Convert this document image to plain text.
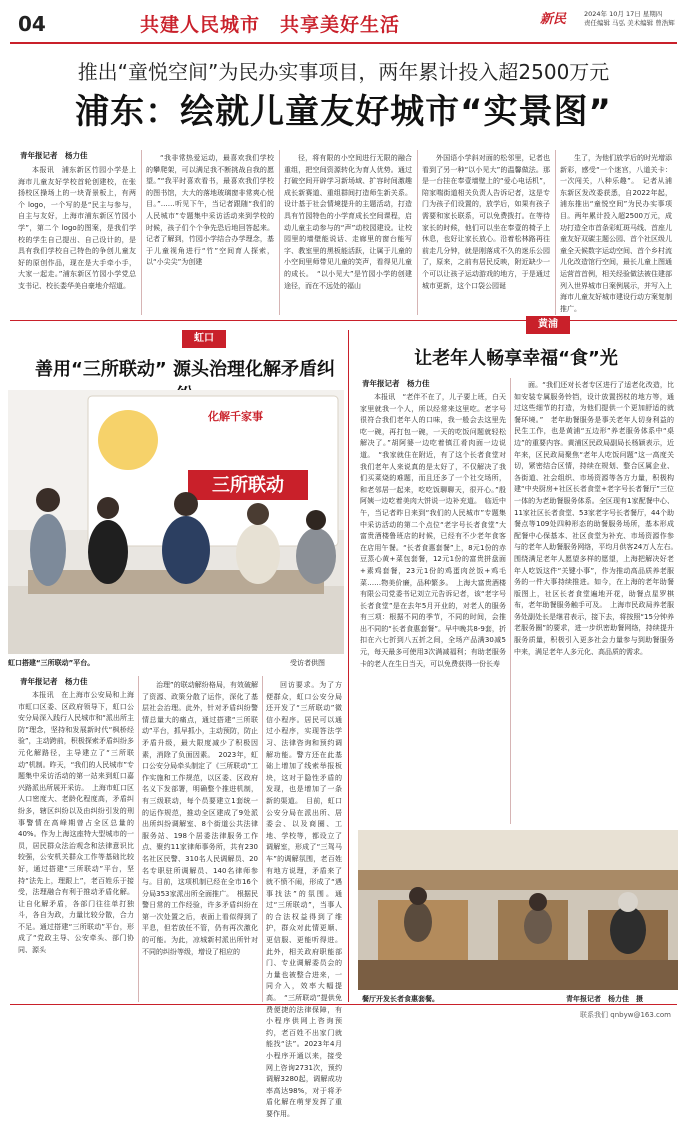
04	共建人民城市　共享美好生活	新民	2024年 10月 17日 星期四
责任编辑 马弘 美术编辑 曾浩辉
推出“童悦空间”为民办实事项目，两年累计投入超2500万元
浦东：绘就儿童友好城市“实景图”
青年报记者　杨力佳

本报讯　浦东新区竹园小学是上海市儿童友好学校首轮创建校，在张扬校区操场上的一块背景板上，有两个 logo，一个写的是“民主与参与，自主与友好，上海市浦东新区竹园小学”，第二个 logo的图案，是我们学校的学生自己提出、自己设计的，是具有我们学校自己特色的争创儿童友好的原创作品，现在是大手牵小手，大家一起走。”浦东新区竹园小学党总支书记、校长娄华美自豪地介绍道。

“我非常热爱运动，最喜欢我们学校的攀爬架，可以满足我不断挑战自我的愿望。”“我平时喜欢看书，最喜欢我们学校的图书馆，大大的落地玻璃窗非常爽心悦目。”……听见下午，当记者跟随“我们的人民城市”专题集中采访活动来到学校的时候，孩子们个个争先恐后地回答起来。记者了解到，竹园小学结合办学理念，基于儿童视角进行“竹”空间育人探索，以“小尖尖”为创建

径，将有限的小空间进行无限的融合重组，把空间资源转化为育人优势。通过打破空间开辟学习新场域、扩容时间激趣成长新赛道、重组群间打造师生新关系。设计基于社会情境提升的主题活动，打造具有竹园特色的小学育成长空间课程，启动儿童主动参与的“声”动校园建设。让校园里的墙壁能说话、走廊里的窗台能写字、教室里的黑板能活跃，让属于儿童的小空间里师带见儿童的笑声，看得见儿童的成长。　“以小见大”是竹园小学的创建途径，而在不远处的福山

外国语小学斜对面的松邻里，记者也看到了另一种“以小见大”的温馨做法。那是一台挂在奉壹墙壁上的“爱心电话机”，陪家喘街道相关负责人告诉记者，这是专门为孩子们设置的，放学后，如果有孩子需要和家长联系，可以免费拨打。在等待家长的时候，他们可以坐在奉壹的椅子上休息，也好让家长放心。沿着松林路再往前走几分钟，就是刚落成不久的迷乐公园了，原来，之前有居民反映，附近缺少一个可以让孩子运动游戏的地方，于是通过城市更新，这个口袋公园诞

生了，为他们放学后的时光增添新彩，感受“一个迷宫，八道关卡：一次闯关，八种乐趣”。　记者从浦东新区发改委获悉，自2022年起，浦东推出“童悦空间”为民办实事项目。两年累计投入超2500万元，成功打造全市首条彩虹斑马线、首座儿童友好双碳主题公园、首个社区级儿童全天候数字运动空间、首个乡村流儿化改造馆行空间，最长儿童上图通运营首首例，相关经验做法被住建部列入世界城市日案例展示，并写入上海市儿童友好城市建设行动方案复制推广。

虹口
善用“三所联动” 源头治理化解矛盾纠
三所联动
化解千家事
虹口搭建“三所联动”平台。	受访者供图
青年报记者　杨力佳

本报讯　在上海市公安局和上海市虹口区委、区政府领导下，虹口公安分局深入践行人民城市和“派出所主防”理念，坚持和发展新时代“枫桥经验”，主动跨前，积极探索矛盾纠纷多元化解路径，主导建立了“三所联动”机制。昨天，“我们的人民城市”专题集中采访活动的第一站来到虹口嘉兴路派出所展开采访。　上海市虹口区人口密度大、老龄化程度高，矛盾纠纷多，辖区纠纷以及由纠纷引发的刑事警情在高峰期曾占全区总量的40%。作为上海这座特大型城市的一员，居民群众法治观念和法律意识比较强，公安机关群众工作等基础比较好，通过搭建“三所联动”平台，坚持“法先上，理跟上”，老百姓乐于接受，法理融合有利于推动矛盾化解。让自化解矛盾，各部门往往单打独斗，各自为政，力量比较分散，合力不足。通过搭建“三所联动”平台，形成了“党政主导、公安牵头、部门协同、源头

治理”的联动解纷格局，有效破解了资源、政策分散了运作，深化了基层社会治理。此外，针对矛盾纠纷警情总量大的痛点，通过搭建“三所联动”平台，抓早抓小，主动预防，防止矛盾升级，最大限度减少了积极因素，消除了负面因素。　2023年，虹口公安分局牵头制定了《三所联动”工作实施和工作规范，以区委、区政府名义下发部署，明确整个推进机制，有三级联动，每个员要建立1套统一的运作规范，推动全区建成了9处派出所纠纷调解室、8个街道公共法律服务站、198个居委法律服务工作点、聚约11家律师事务所，共有230名社区民警、310名人民调解员、20名专职驻所调解员、140名律师参与。目前，这项机制已经在全市16个分局353家派出所全面推广。　根据民警日常的工作经验，许多矛盾纠纷在第一次处置之后，表面上看似得到了平息，但若放任不管，仍有再次激化的可能。为此，凉城新村派出所针对不同的纠纷等级，增设了相应的

回访要求。为了方便群众，虹口公安分局还开发了“三所联动”微信小程序。居民可以通过小程序，实现答法学习、法律咨询和预约调解功能。警方还在此基础上增加了线索举报板块，这对于隐性矛盾的发现，也是增加了一条新的渠道。　目前，虹口公安分局在派出所、居委会、以及商圈、工地、学校等，都设立了调解室，形成了“三驾马车”的调解氛围，老百姓有地方说理，矛盾来了就不愤不闹，形成了“遇事找法”的氛围。通过“三所联动”，当事人的合法权益得到了维护，群众对此情更顺、更信服、更能听得进。此外，相关政府职能部门、专业调解委员会的力量也被整合进来，一同介入，效率大幅提高。　“三所联动”提供免费便捷的法律保障，有小程序供网上咨询预约，老百姓不出家门就能找“法”。2023年4月小程序开通以来，接受网上咨询2731次，预约调解3280起，调解成功率高达98%，对于将矛盾化解在萌芽发挥了重要作用。

黄浦
让老年人畅享幸福“食”光
青年报记者　杨力佳

本报讯　“老伴不在了，儿子要上班，白天家里就我一个人，所以经常来这里吃。老字号很符合我们老年人的口味，我一般会去这里先吃一碗，再打包一碗，一天的吃饭问题就轻松解决了。”胡阿婆一边吃着镇江肴肉面一边说道。　“我家就住在附近，有了这个长者食堂对我们老年人来说真的是太好了，不仅解决了我们买菜烧的难题，而且还多了一个社交场所，和老邻居一起来，吃吃饭聊聊天，很开心。”殷阿姨一边吃着美肉大饼说一边补充道。　临近中午，当记者昨日来到“我们的人民城市”专题集中采访活动的第二个点位“老字号长者食堂”大富贵酒楼鲁班店的时候，已经有不少老年食客在店用午餐。“长者食惠套餐”上，8元1份的赤豆蒸心黄+菜包套餐，12元1份的富贵拼盘面+素鸡套餐，23元1份的鸡蛋肉丝饭+鸡毛菜……物美价廉，品种繁多。　上海大富贵酒楼有限公司党委书记刘立元告诉记者，该“老字号长者食堂”是在去年5月开业的，对老人的服务有三项：根据不同的季节，不同的时间，会推出不同的“长者食惠套餐”。早中晚共8-9套，折扣在六七折到八五折之间，全场产品满30减5元，每天最多可使用3次满减福利；有助老服务卡的老人在生日当天，可以免费获得一份长寿

面。“我们还对长者专区进行了适老化改造，比如安装专属服务铃铛，设计放置拐杖的地方等，通过这些细节的打造，为他们提供一个更加舒适的就餐环境。”　老年助餐服务是事关老年人切身利益的民生工作，也是黄浦“五边形”养老服务体系中“桌边”的重要内容。黄浦区民政局副局长杨颖表示，近年来，区民政局聚焦“老年人吃饭问题”这一高度关切，紧密结合区情，持续在规划、整合区属企业、各街道、社会组织、市场资源等各方力量，积极构建“中央厨房+社区长者食堂+老字号长者餐厅”三位一体的为老助餐服务体系。全区现有1家配餐中心、11家社区长者食堂、53家老字号长者餐厅，44个助餐点等109处四种形态的助餐服务场所，基本形成配餐中心保基本、社区食堂为补充、市场资源作参与的老年人助餐服务网络，平均月供客24万人左右。　围绕满足老年人愿望多样的愿望，上海把解决好老年人吃饭这件“关键小事”，作为推动高品质养老服务的一件大事持续推进。如今，在上海的老年助餐版图上，社区长者食堂遍地开花，助餐点星罗棋布，老年助餐服务触手可及。　上海市民政局养老服务处副处长是继君表示，接下去，将按照“15分钟养老服务圈”的要求，进一步织密助餐网络，持续提升服务质量，积极引入更多社会力量参与到助餐服务中来，满足老年人多元化、高品质的需求。

餐厅开发长者食惠套餐。	青年报记者　杨力佳　摄
联系我们 qnbyw@163.com
